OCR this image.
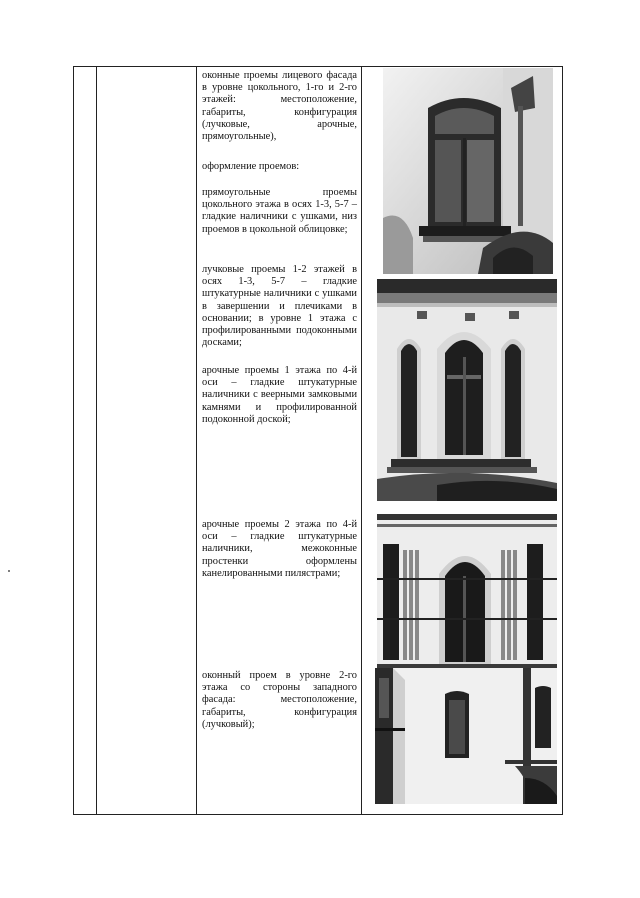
оконные проемы лицевого фасада в уровне цокольного, 1-го и 2-го этажей: местоположение, габариты, конфигурация (лучковые, арочные, прямоугольные),
оформление проемов:
прямоугольные проемы цокольного этажа в осях 1-3, 5-7 – гладкие наличники с ушками, низ проемов в цокольной облицовке;
лучковые проемы 1-2 этажей в осях 1-3, 5-7 – гладкие штукатурные наличники с ушками в завершении и плечиками в основании; в уровне 1 этажа с профилированными подоконными досками;
арочные проемы 1 этажа по 4-й оси – гладкие штукатурные наличники с веерными замковыми камнями и профилированной подоконной доской;
арочные проемы 2 этажа по 4-й оси – гладкие штукатурные наличники, межоконные простенки оформлены канелированными пилястрами;
оконный проем в уровне 2-го этажа со стороны западного фасада: местоположение, габариты, конфигурация (лучковый);
